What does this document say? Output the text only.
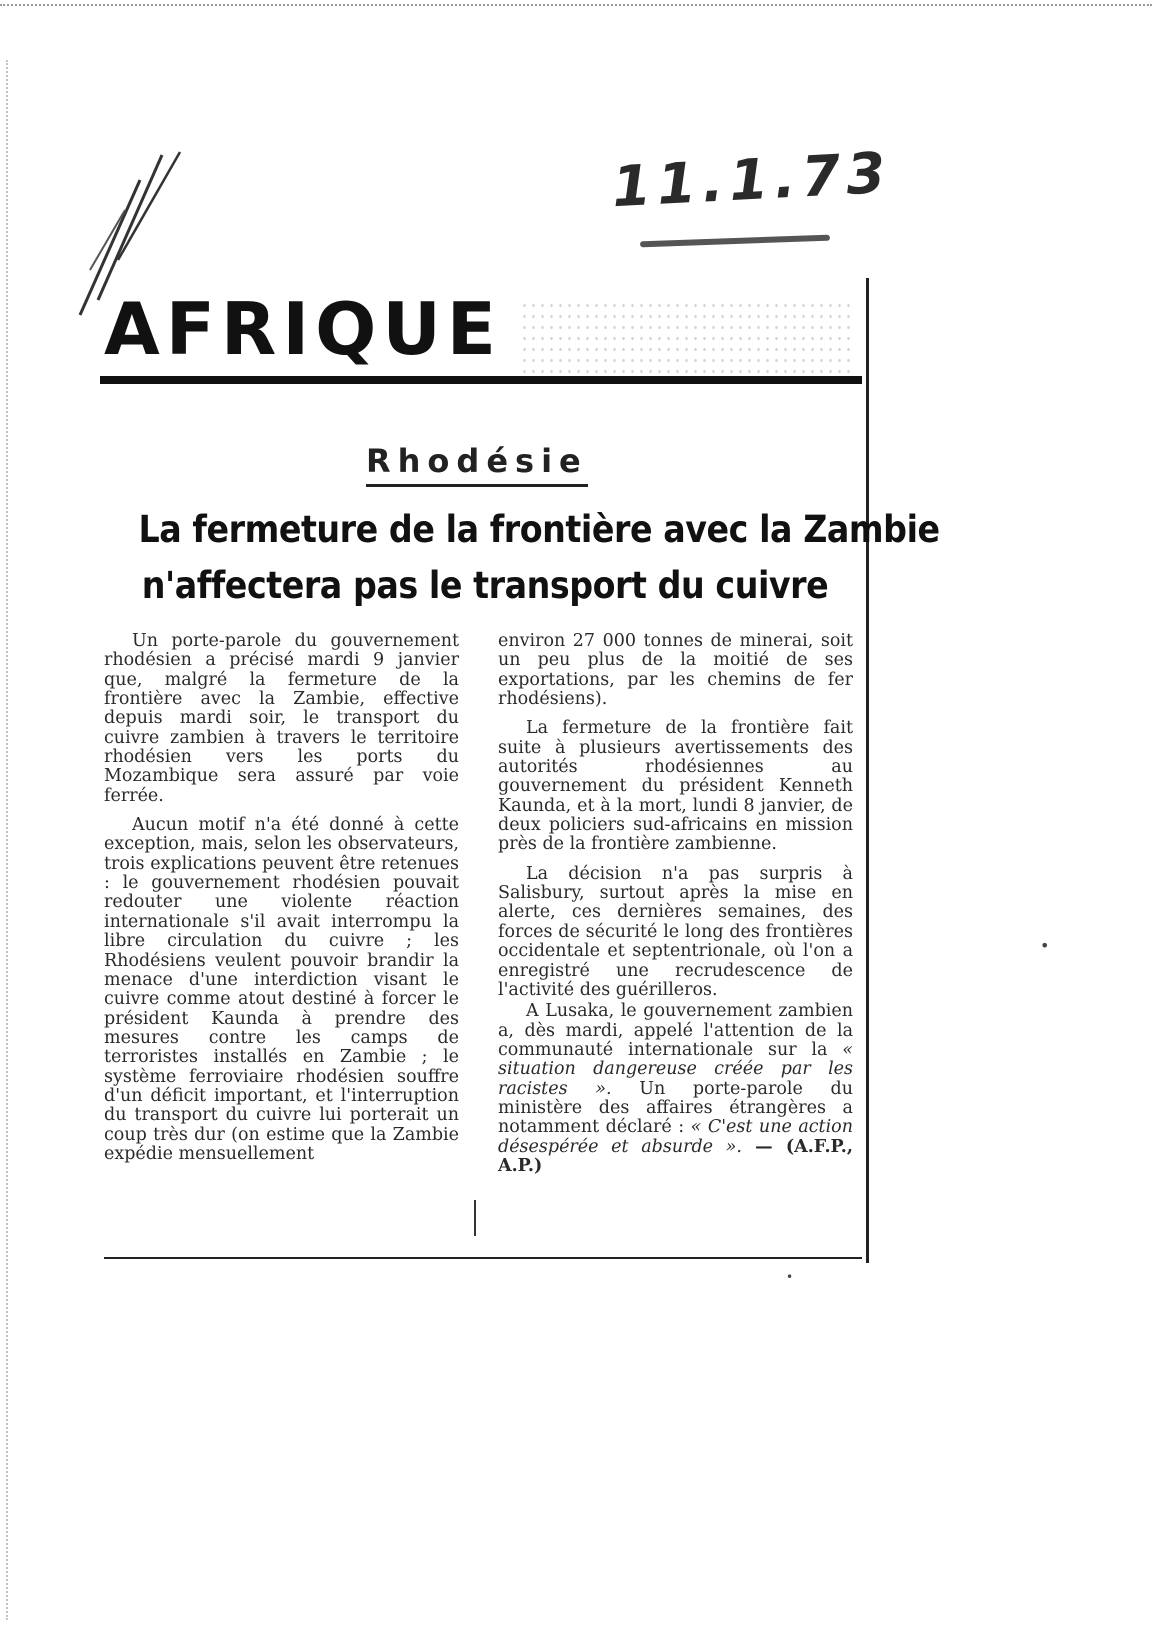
11.1.73
AFRIQUE
Rhodésie
La fermeture de la frontière avec la Zambie
n'affectera pas le transport du cuivre

Un porte-parole du gouvernement rhodésien a précisé mardi 9 janvier que, malgré la fermeture de la frontière avec la Zambie, effective depuis mardi soir, le transport du cuivre zambien à travers le territoire rhodésien vers les ports du Mozambique sera assuré par voie ferrée.

Aucun motif n'a été donné à cette exception, mais, selon les observateurs, trois explications peuvent être retenues : le gouvernement rhodésien pouvait redouter une violente réaction internationale s'il avait interrompu la libre circulation du cuivre ; les Rhodésiens veulent pouvoir brandir la menace d'une interdiction visant le cuivre comme atout destiné à forcer le président Kaunda à prendre des mesures contre les camps de terroristes installés en Zambie ; le système ferroviaire rhodésien souffre d'un déficit important, et l'interruption du transport du cuivre lui porterait un coup très dur (on estime que la Zambie expédie mensuellement

environ 27 000 tonnes de minerai, soit un peu plus de la moitié de ses exportations, par les chemins de fer rhodésiens).

La fermeture de la frontière fait suite à plusieurs avertissements des autorités rhodésiennes au gouvernement du président Kenneth Kaunda, et à la mort, lundi 8 janvier, de deux policiers sud-africains en mission près de la frontière zambienne.

La décision n'a pas surpris à Salisbury, surtout après la mise en alerte, ces dernières semaines, des forces de sécurité le long des frontières occidentale et septentrionale, où l'on a enregistré une recrudescence de l'activité des guérilleros.

A Lusaka, le gouvernement zambien a, dès mardi, appelé l'attention de la communauté internationale sur la « situation dangereuse créée par les racistes ». Un porte-parole du ministère des affaires étrangères a notamment déclaré : « C'est une action désespérée et absurde ». — (A.F.P., A.P.)

•
•
